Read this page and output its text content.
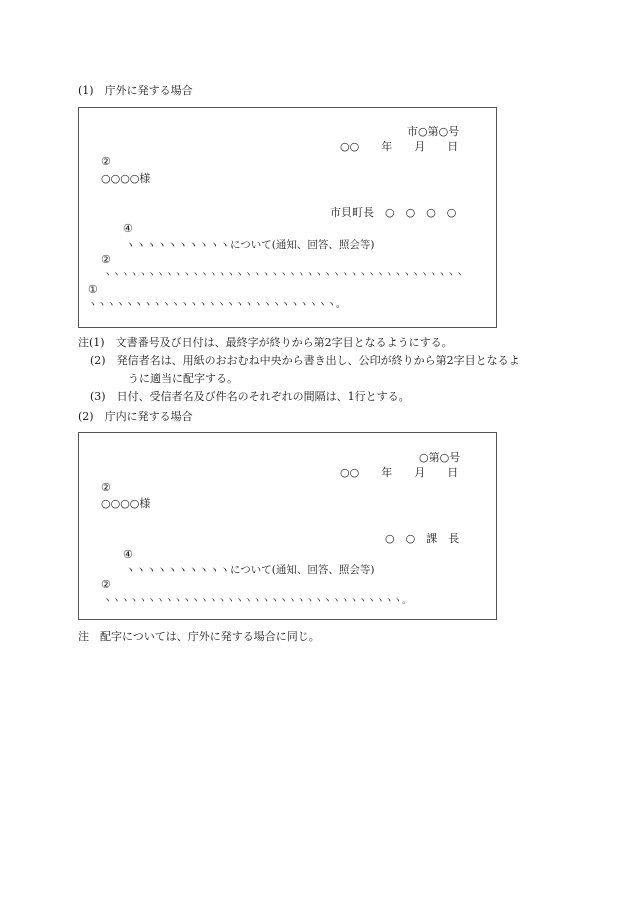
(1)　庁外に発する場合
市○第○号
○○　　年　　月　　日
②
○○○○様
市貝町長　○　○　○　○
④
ヽヽヽヽヽヽヽヽヽヽについて(通知、回答、照会等)
②
ヽヽヽヽヽヽヽヽヽヽヽヽヽヽヽヽヽヽヽヽヽヽヽヽヽヽヽヽヽヽヽヽヽヽヽヽヽヽヽヽヽ
①
ヽヽヽヽヽヽヽヽヽヽヽヽヽヽヽヽヽヽヽヽヽヽヽヽヽヽヽ。
注(1)　文書番号及び日付は、最終字が終りから第2字目となるようにする。
(2)　発信者名は、用紙のおおむね中央から書き出し、公印が終りから第2字目となるよ
うに適当に配字する。
(3)　日付、受信者名及び件名のそれぞれの間隔は、1行とする。
(2)　庁内に発する場合
○第○号
○○　　年　　月　　日
②
○○○○様
○　○　課　長
④
ヽヽヽヽヽヽヽヽヽヽについて(通知、回答、照会等)
②
ヽヽヽヽヽヽヽヽヽヽヽヽヽヽヽヽヽヽヽヽヽヽヽヽヽヽヽヽヽヽヽヽヽヽ。
注　配字については、庁外に発する場合に同じ。
